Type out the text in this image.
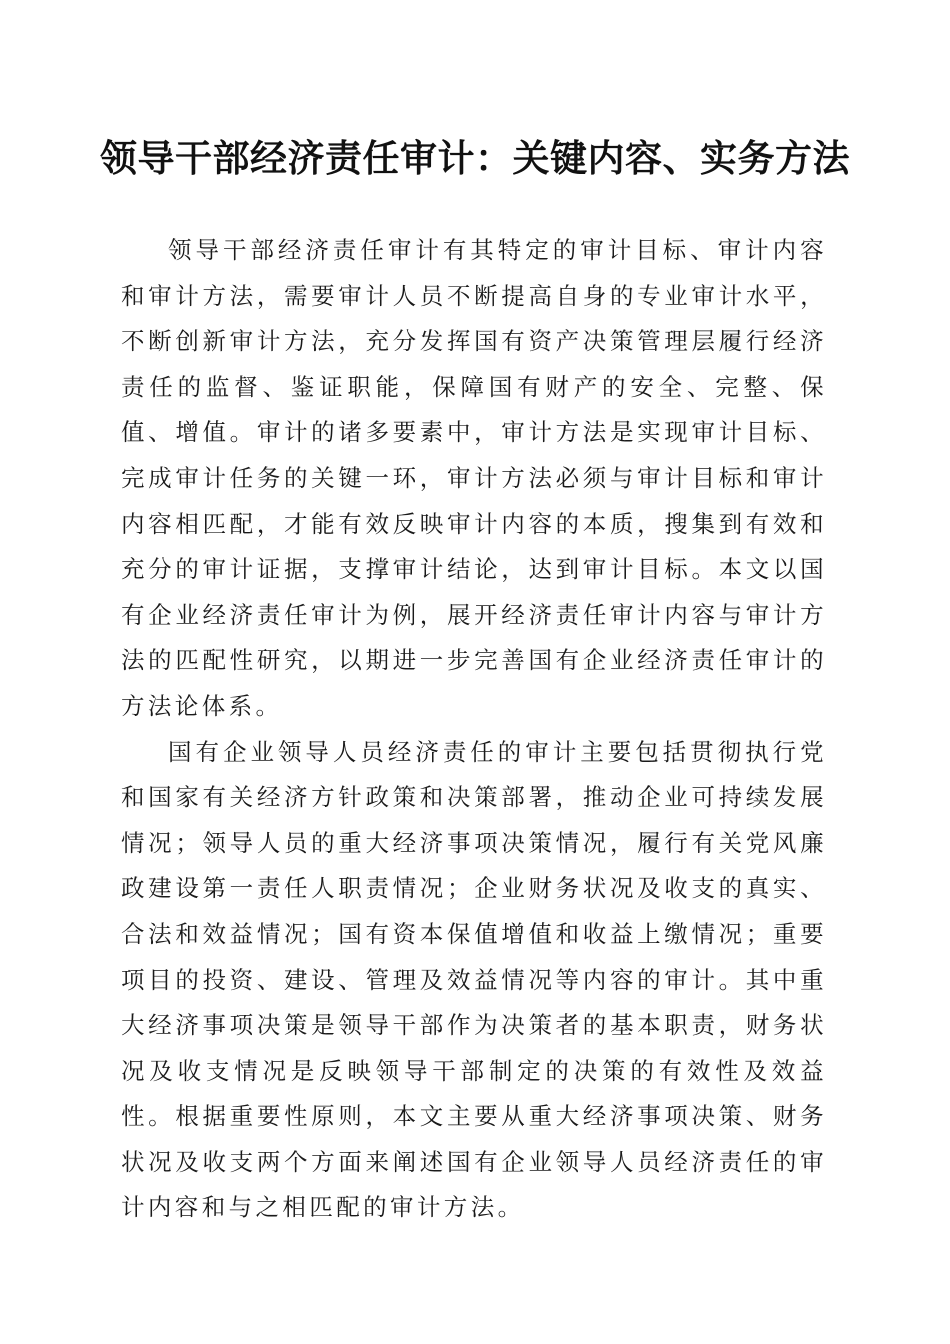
领导干部经济责任审计：关键内容、实务方法

领导干部经济责任审计有其特定的审计目标、审计内容和审计方法，需要审计人员不断提高自身的专业审计水平，不断创新审计方法，充分发挥国有资产决策管理层履行经济责任的监督、鉴证职能，保障国有财产的安全、完整、保值、增值。审计的诸多要素中，审计方法是实现审计目标、完成审计任务的关键一环，审计方法必须与审计目标和审计内容相匹配，才能有效反映审计内容的本质，搜集到有效和充分的审计证据，支撑审计结论，达到审计目标。本文以国有企业经济责任审计为例，展开经济责任审计内容与审计方法的匹配性研究，以期进一步完善国有企业经济责任审计的方法论体系。

国有企业领导人员经济责任的审计主要包括贯彻执行党和国家有关经济方针政策和决策部署，推动企业可持续发展情况；领导人员的重大经济事项决策情况，履行有关党风廉政建设第一责任人职责情况；企业财务状况及收支的真实、合法和效益情况；国有资本保值增值和收益上缴情况；重要项目的投资、建设、管理及效益情况等内容的审计。其中重大经济事项决策是领导干部作为决策者的基本职责，财务状况及收支情况是反映领导干部制定的决策的有效性及效益性。根据重要性原则，本文主要从重大经济事项决策、财务状况及收支两个方面来阐述国有企业领导人员经济责任的审计内容和与之相匹配的审计方法。
